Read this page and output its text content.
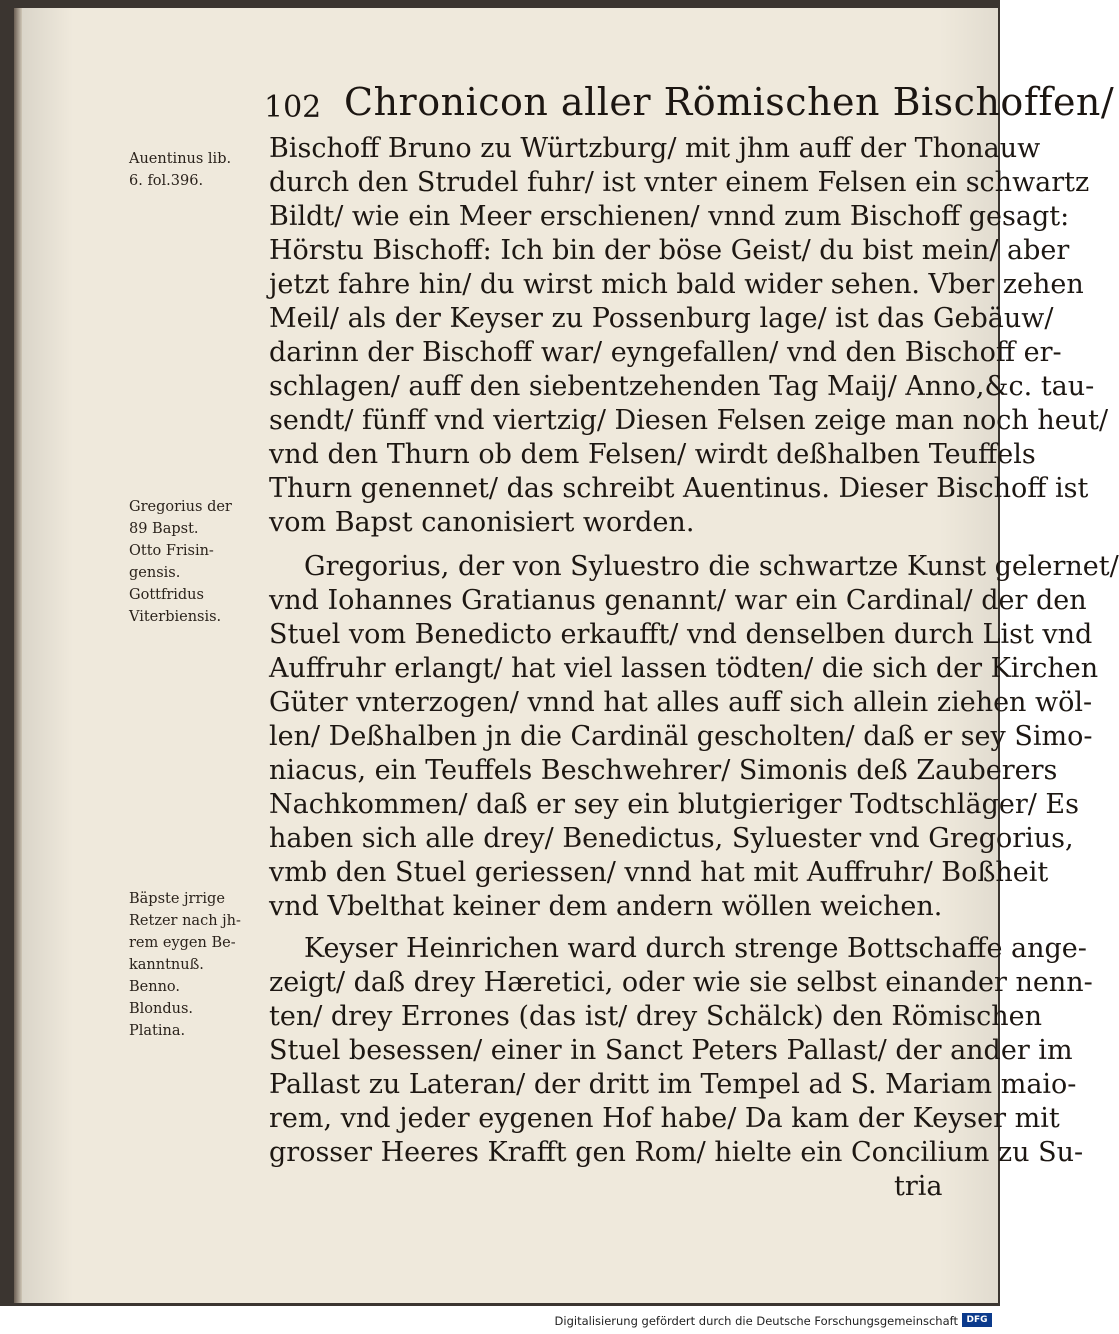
102 Chronicon aller Römischen Bischoffen/
Auentinus lib.
6. fol.396.
Gregorius der
89 Bapst.
Otto Frisin-
gensis.
Gottfridus
Viterbiensis.
Bäpste jrrige
Retzer nach jh-
rem eygen Be-
kanntnuß.
Benno.
Blondus.
Platina.
Bischoff Bruno zu Würtzburg/ mit jhm auff der Thonauw
durch den Strudel fuhr/ ist vnter einem Felsen ein schwartz
Bildt/ wie ein Meer erschienen/ vnnd zum Bischoff gesagt:
Hörstu Bischoff: Ich bin der böse Geist/ du bist mein/ aber
jetzt fahre hin/ du wirst mich bald wider sehen. Vber zehen
Meil/ als der Keyser zu Possenburg lage/ ist das Gebäuw/
darinn der Bischoff war/ eyngefallen/ vnd den Bischoff er-
schlagen/ auff den siebentzehenden Tag Maij/ Anno,&c. tau-
sendt/ fünff vnd viertzig/ Diesen Felsen zeige man noch heut/
vnd den Thurn ob dem Felsen/ wirdt deßhalben Teuffels
Thurn genennet/ das schreibt Auentinus. Dieser Bischoff ist
vom Bapst canonisiert worden.
Gregorius, der von Syluestro die schwartze Kunst gelernet/
vnd Iohannes Gratianus genannt/ war ein Cardinal/ der den
Stuel vom Benedicto erkaufft/ vnd denselben durch List vnd
Auffruhr erlangt/ hat viel lassen tödten/ die sich der Kirchen
Güter vnterzogen/ vnnd hat alles auff sich allein ziehen wöl-
len/ Deßhalben jn die Cardinäl gescholten/ daß er sey Simo-
niacus, ein Teuffels Beschwehrer/ Simonis deß Zauberers
Nachkommen/ daß er sey ein blutgieriger Todtschläger/ Es
haben sich alle drey/ Benedictus, Syluester vnd Gregorius,
vmb den Stuel geriessen/ vnnd hat mit Auffruhr/ Boßheit
vnd Vbelthat keiner dem andern wöllen weichen.
Keyser Heinrichen ward durch strenge Bottschaffe ange-
zeigt/ daß drey Hæretici, oder wie sie selbst einander nenn-
ten/ drey Errones (das ist/ drey Schälck) den Römischen
Stuel besessen/ einer in Sanct Peters Pallast/ der ander im
Pallast zu Lateran/ der dritt im Tempel ad S. Mariam maio-
rem, vnd jeder eygenen Hof habe/ Da kam der Keyser mit
grosser Heeres Krafft gen Rom/ hielte ein Concilium zu Su-
tria
Digitalisierung gefördert durch die Deutsche Forschungsgemeinschaft DFG
